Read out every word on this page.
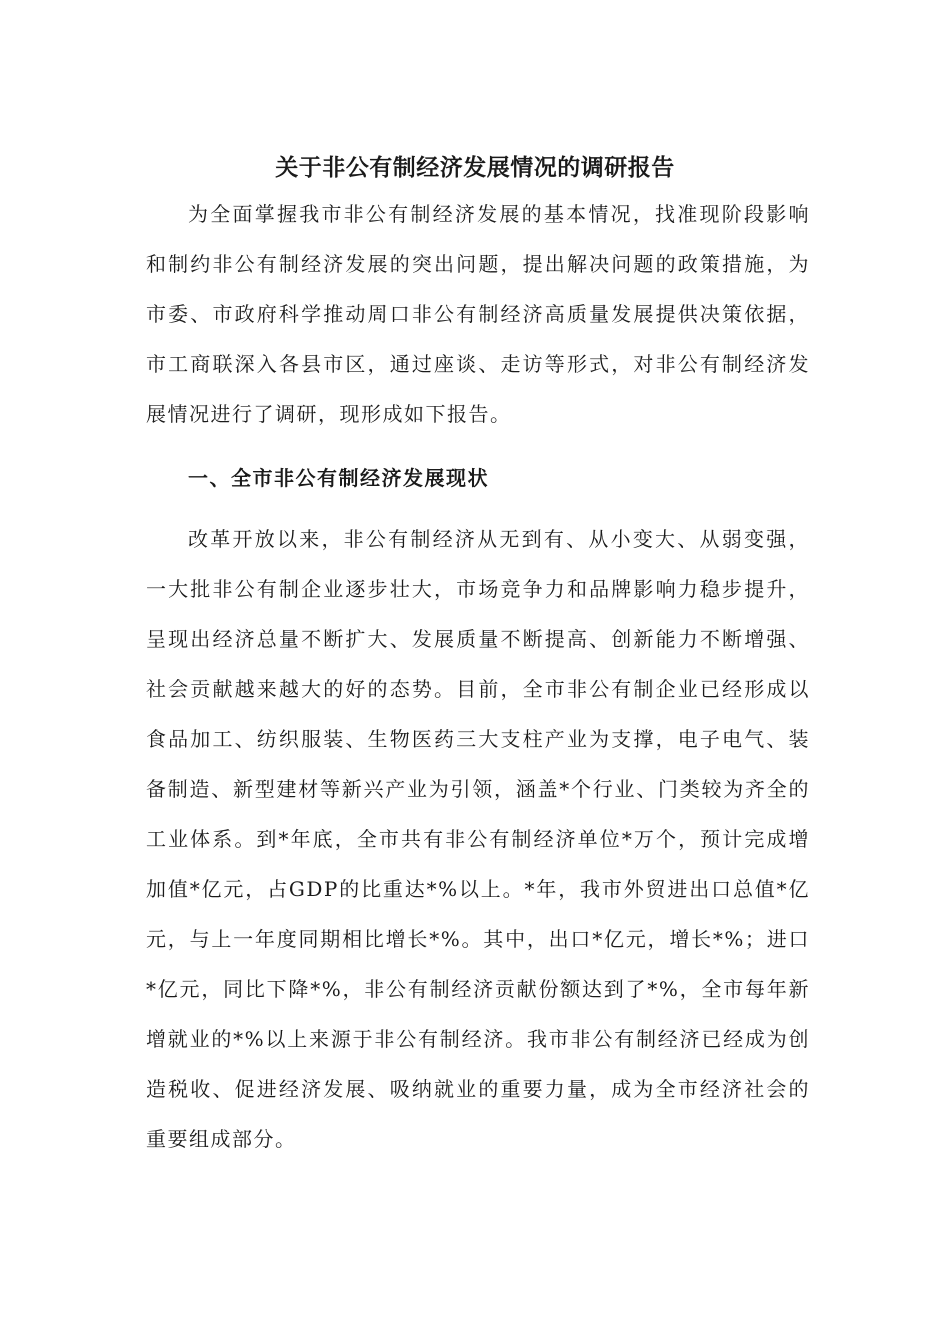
关于非公有制经济发展情况的调研报告

为全面掌握我市非公有制经济发展的基本情况，找准现阶段影响和制约非公有制经济发展的突出问题，提出解决问题的政策措施，为市委、市政府科学推动周口非公有制经济高质量发展提供决策依据，市工商联深入各县市区，通过座谈、走访等形式，对非公有制经济发展情况进行了调研，现形成如下报告。

一、全市非公有制经济发展现状

改革开放以来，非公有制经济从无到有、从小变大、从弱变强，一大批非公有制企业逐步壮大，市场竞争力和品牌影响力稳步提升，呈现出经济总量不断扩大、发展质量不断提高、创新能力不断增强、社会贡献越来越大的好的态势。目前，全市非公有制企业已经形成以食品加工、纺织服装、生物医药三大支柱产业为支撑，电子电气、装备制造、新型建材等新兴产业为引领，涵盖*个行业、门类较为齐全的工业体系。到*年底，全市共有非公有制经济单位*万个，预计完成增加值*亿元，占GDP的比重达*%以上。*年，我市外贸进出口总值*亿元，与上一年度同期相比增长*%。其中，出口*亿元，增长*%；进口*亿元，同比下降*%，非公有制经济贡献份额达到了*%，全市每年新增就业的*%以上来源于非公有制经济。我市非公有制经济已经成为创造税收、促进经济发展、吸纳就业的重要力量，成为全市经济社会的重要组成部分。
